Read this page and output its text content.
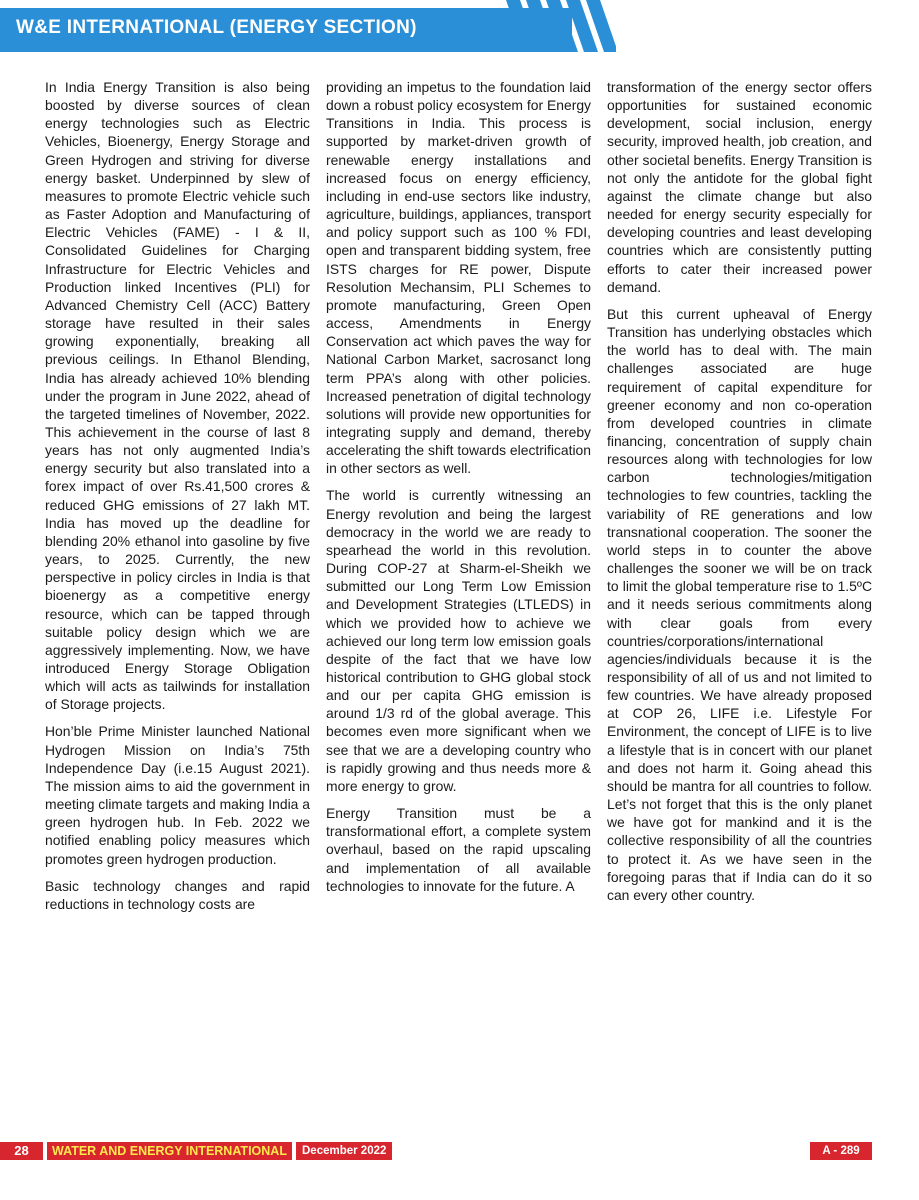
W&E INTERNATIONAL (ENERGY SECTION)

In India Energy Transition is also being boosted by diverse sources of clean energy technologies such as Electric Vehicles, Bioenergy, Energy Storage and Green Hydrogen and striving for diverse energy basket. Underpinned by slew of measures to promote Electric vehicle such as Faster Adoption and Manufacturing of Electric Vehicles (FAME) - I & II, Consolidated Guidelines for Charging Infrastructure for Electric Vehicles and Production linked Incentives (PLI) for Advanced Chemistry Cell (ACC) Battery storage have resulted in their sales growing exponentially, breaking all previous ceilings. In Ethanol Blending, India has already achieved 10% blending under the program in June 2022, ahead of the targeted timelines of November, 2022. This achievement in the course of last 8 years has not only augmented India’s energy security but also translated into a forex impact of over Rs.41,500 crores & reduced GHG emissions of 27 lakh MT. India has moved up the deadline for blending 20% ethanol into gasoline by five years, to 2025. Currently, the new perspective in policy circles in India is that bioenergy as a competitive energy resource, which can be tapped through suitable policy design which we are aggressively implementing. Now, we have introduced Energy Storage Obligation which will acts as tailwinds for installation of Storage projects.

Hon’ble Prime Minister launched National Hydrogen Mission on India’s 75th Independence Day (i.e.15 August 2021). The mission aims to aid the government in meeting climate targets and making India a green hydrogen hub. In Feb. 2022 we notified enabling policy measures which promotes green hydrogen production.

Basic technology changes and rapid reductions in technology costs are

providing an impetus to the foundation laid down a robust policy ecosystem for Energy Transitions in India. This process is supported by market-driven growth of renewable energy installations and increased focus on energy efficiency, including in end-use sectors like industry, agriculture, buildings, appliances, transport and policy support such as 100 % FDI, open and transparent bidding system, free ISTS charges for RE power, Dispute Resolution Mechansim, PLI Schemes to promote manufacturing, Green Open access, Amendments in Energy Conservation act which paves the way for National Carbon Market, sacrosanct long term PPA’s along with other policies. Increased penetration of digital technology solutions will provide new opportunities for integrating supply and demand, thereby accelerating the shift towards electrification in other sectors as well.

The world is currently witnessing an Energy revolution and being the largest democracy in the world we are ready to spearhead the world in this revolution. During COP-27 at Sharm-el-Sheikh we submitted our Long Term Low Emission and Development Strategies (LTLEDS) in which we provided how to achieve we achieved our long term low emission goals despite of the fact that we have low historical contribution to GHG global stock and our per capita GHG emission is around 1/3 rd of the global average. This becomes even more significant when we see that we are a developing country who is rapidly growing and thus needs more & more energy to grow.

Energy Transition must be a transformational effort, a complete system overhaul, based on the rapid upscaling and implementation of all available technologies to innovate for the future. A

transformation of the energy sector offers opportunities for sustained economic development, social inclusion, energy security, improved health, job creation, and other societal benefits. Energy Transition is not only the antidote for the global fight against the climate change but also needed for energy security especially for developing countries and least developing countries which are consistently putting efforts to cater their increased power demand.

But this current upheaval of Energy Transition has underlying obstacles which the world has to deal with. The main challenges associated are huge requirement of capital expenditure for greener economy and non co-operation from developed countries in climate financing, concentration of supply chain resources along with technologies for low carbon technologies/mitigation technologies to few countries, tackling the variability of RE generations and low transnational cooperation. The sooner the world steps in to counter the above challenges the sooner we will be on track to limit the global temperature rise to 1.5ºC and it needs serious commitments along with clear goals from every countries/corporations/international agencies/individuals because it is the responsibility of all of us and not limited to few countries. We have already proposed at COP 26, LIFE i.e. Lifestyle For Environment, the concept of LIFE is to live a lifestyle that is in concert with our planet and does not harm it. Going ahead this should be mantra for all countries to follow. Let’s not forget that this is the only planet we have got for mankind and it is the collective responsibility of all the countries to protect it. As we have seen in the foregoing paras that if India can do it so can every other country.

28	WATER AND ENERGY INTERNATIONAL	December 2022	A - 289
